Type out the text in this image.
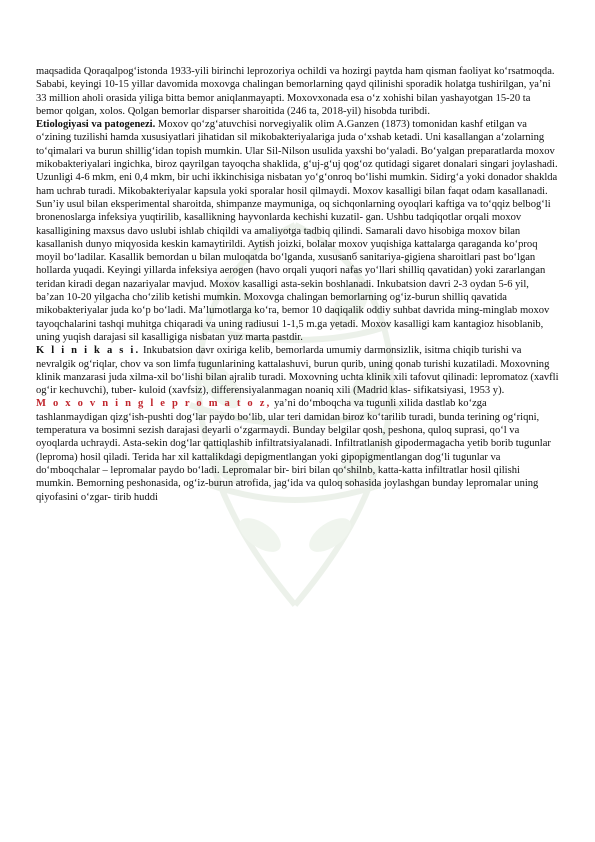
maqsadida Qoraqalpog‘istonda 1933-yili birinchi leprozoriya ochildi va hozirgi paytda ham qisman faoliyat ko‘rsatmoqda. Sababi, keyingi 10-15 yillar davomida moxovga chalingan bemorlarning qayd qilinishi sporadik holatga tushirilgan, ya’ni 33 million aholi orasida yiliga bitta bemor aniqlanmayapti. Moxovxonada esa o‘z xohishi bilan yashayotgan 15-20 ta bemor qolgan, xolos. Qolgan bemorlar disparser sharoitida (246 ta, 2018-yil) hisobda turibdi.

Etiologiyasi va patogenezi. Moxov qo‘zg‘atuvchisi norvegiyalik olim A.Ganzen (1873) tomonidan kashf etilgan va o‘zining tuzilishi hamda xususiyatlari jihatidan sil mikobakteriyalariga juda o‘xshab ketadi. Uni kasallangan a‘zolarning to‘qimalari va burun shillig‘idan topish mumkin. Ular Sil-Nilson usulida yaxshi bo‘yaladi. Bo‘yalgan preparatlarda moxov mikobakteriyalari ingichka, biroz qayrilgan tayoqcha shaklida, g‘uj-g‘uj qog‘oz qutidagi sigaret donalari singari joylashadi. Uzunligi 4-6 mkm, eni 0,4 mkm, bir uchi ikkinchisiga nisbatan yo‘g‘onroq bo‘lishi mumkin. Sidirg‘a yoki donador shaklda ham uchrab turadi. Mikobakteriyalar kapsula yoki sporalar hosil qilmaydi. Moxov kasalligi bilan faqat odam kasallanadi. Sun’iy usul bilan eksperimental sharoitda, shimpanze maymuniga, oq sichqonlarning oyoqlari kaftiga va to‘qqiz belbog‘li bronenoslarga infeksiya yuqtirilib, kasallikning hayvonlarda kechishi kuzatil- gan. Ushbu tadqiqotlar orqali moxov kasalligining maxsus davo uslubi ishlab chiqildi va amaliyotga tadbiq qilindi. Samarali davo hisobiga moxov bilan kasallanish dunyo miqyosida keskin kamaytirildi. Aytish joizki, bolalar moxov yuqishiga kattalarga qaraganda ko‘proq moyil bo‘ladilar. Kasallik bemordan u bilan muloqatda bo‘lganda, xususanб sanitariya-gigiena sharoitlari past bo‘lgan hollarda yuqadi. Keyingi yillarda infeksiya aerogen (havo orqali yuqori nafas yo‘llari shilliq qavatidan) yoki zararlangan teridan kiradi degan nazariyalar mavjud. Moxov kasalligi asta-sekin boshlanadi. Inkubatsion davri 2-3 oydan 5-6 yil, ba’zan 10-20 yilgacha cho‘zilib ketishi mumkin. Moxovga chalingan bemorlarning og‘iz-burun shilliq qavatida mikobakteriyalar juda ko‘p bo‘ladi. Ma’lumotlarga ko‘ra, bemor 10 daqiqalik oddiy suhbat davrida ming-minglab moxov tayoqchalarini tashqi muhitga chiqaradi va uning radiusui 1-1,5 m.ga yetadi. Moxov kasalligi kam kantagioz hisoblanib, uning yuqish darajasi sil kasalligiga nisbatan yuz marta pastdir.

K l i n i k a s i. Inkubatsion davr oxiriga kelib, bemorlarda umumiy darmonsizlik, isitma chiqib turishi va nevralgik og‘riqlar, chov va son limfa tugunlarining kattalashuvi, burun qurib, uning qonab turishi kuzatiladi. Moxovning klinik manzarasi juda xilma-xil bo‘lishi bilan ajralib turadi. Moxovning uchta klinik xili tafovut qilinadi: lepromatoz (xavfli og‘ir kechuvchi), tuber- kuloid (xavfsiz), differensiyalanmagan noaniq xili (Madrid klas- sifikatsiyasi, 1953 y).

M o x o v n i n g l e p r o m a t o z, ya’ni do‘mboqcha va tugunli xilida dastlab ko‘zga tashlanmaydigan qizg‘ish-pushti dog‘lar paydo bo‘lib, ular teri damidan biroz ko‘tarilib turadi, bunda terining og‘riqni, temperatura va bosimni sezish darajasi deyarli o‘zgarmaydi. Bunday belgilar qosh, peshona, quloq suprasi, qo‘l va oyoqlarda uchraydi. Asta-sekin dog‘lar qattiqlashib infiltratsiyalanadi. Infiltratlanish gipodermagacha yetib borib tugunlar (leproma) hosil qiladi. Terida har xil kattalikdagi depigmentlangan yoki gipopigmentlangan dog‘li tugunlar va do‘mboqchalar – lepromalar paydo bo‘ladi. Lepromalar bir- biri bilan qo‘shilnb, katta-katta infiltratlar hosil qilishi mumkin. Bemorning peshonasida, og‘iz-burun atrofida, jag‘ida va quloq sohasida joylashgan bunday lepromalar uning qiyofasini o‘zgar- tirib huddi
